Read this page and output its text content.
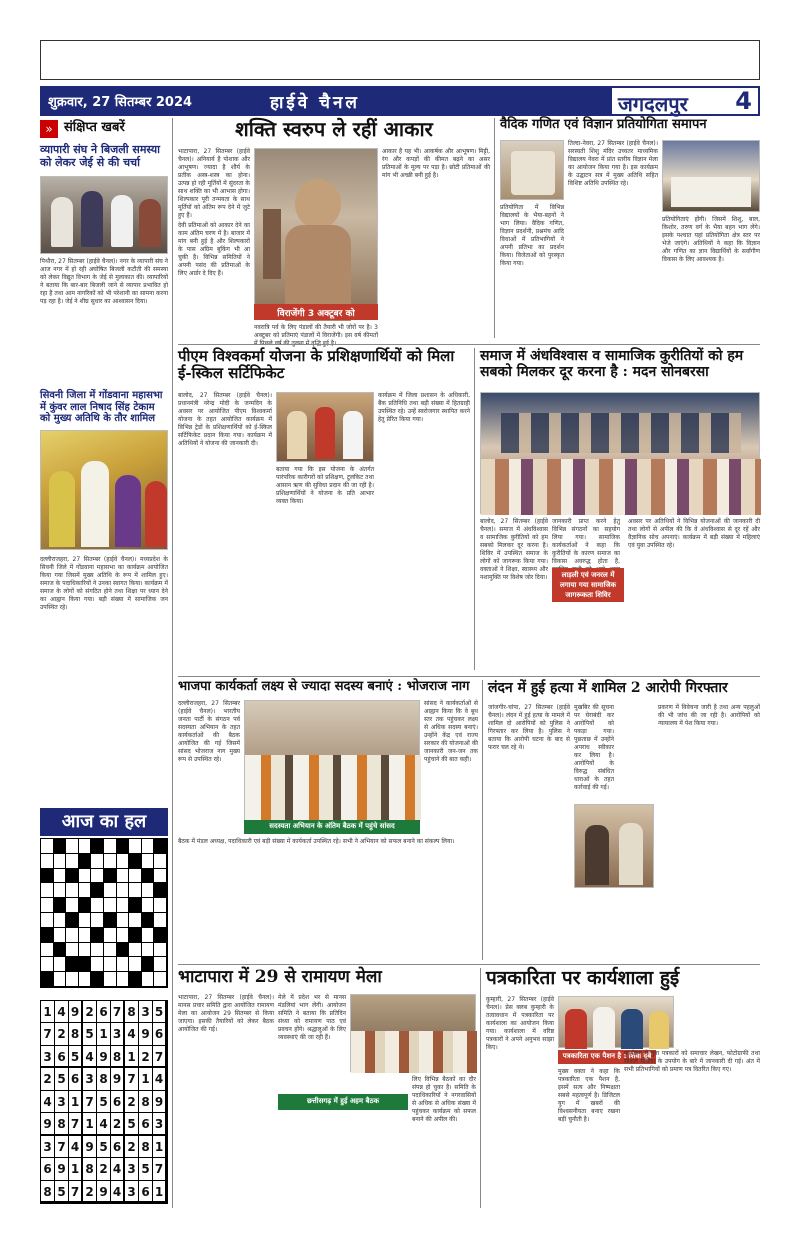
शुक्रवार, 27 सितम्बर 2024	हाईवे चैनल	जगदलपुर 4
» संक्षिप्त खबरें
व्यापारी संघ ने बिजली समस्या को लेकर जेई से की चर्चा
पिथौरा, 27 सितम्बर (हाईवे चैनल)। नगर के व्यापारी संघ ने आज नगर में हो रही अघोषित बिजली कटौती की समस्या को लेकर विद्युत विभाग के जेई से मुलाकात की। व्यापारियों ने बताया कि बार-बार बिजली जाने से व्यापार प्रभावित हो रहा है तथा आम नागरिकों को भी परेशानी का सामना करना पड़ रहा है। जेई ने शीघ्र सुधार का आश्वासन दिया।
सिवनी जिला में गोंडवाना महासभा में कुंवर लाल निषाद सिंह टेकाम को मुख्य अतिथि के तौर शामिल
दल्लीराजहरा, 27 सितम्बर (हाईवे चैनल)। मध्यप्रदेश के सिवनी जिले में गोंडवाना महासभा का कार्यक्रम आयोजित किया गया जिसमें मुख्य अतिथि के रूप में शामिल हुए। समाज के पदाधिकारियों ने उनका स्वागत किया। कार्यक्रम में समाज के लोगों को संगठित होने तथा शिक्षा पर ध्यान देने का आह्वान किया गया। बड़ी संख्या में सामाजिक जन उपस्थित रहे।
आज का हल
1 4 9 2 6 7 8 3 5
7 2 8 5 1 3 4 9 6
3 6 5 4 9 8 1 2 7
2 5 6 3 8 9 7 1 4
4 3 1 7 5 6 2 8 9
9 8 7 1 4 2 5 6 3
3 7 4 9 5 6 2 8 1
6 9 1 8 2 4 3 5 7
8 5 7 2 9 4 3 6 1
शक्ति स्वरुप ले रहीं आकार

भाटापारा, 27 सितम्बर (हाईवे चैनल)। अनियार्य है पोशाक और आभूषण। ज्यादा है शौर्य के प्रतीक अस्त्र-शस्त्र का होना। उत्पन्न हो रही मूर्तियों में सुंदरता के साथ शक्ति का भी आभास होगा। शिल्पकार पूरी तन्मयता के साथ मूर्तियों को अंतिम रूप देने में जुटे हुए हैं।

देवी प्रतिमाओं को आकार देने का काम अंतिम चरण में है। बाजार में मांग बनी हुई है और शिल्पकारों के पास अग्रिम बुकिंग भी आ चुकी है। विभिन्न समितियों ने अपनी पसंद की प्रतिमाओं के लिए आर्डर दे दिए हैं।

विराजेंगी 3 अक्टूबर को
नवरात्रि पर्व के लिए पंडालों की तैयारी भी जोरों पर है। 3 अक्टूबर को प्रतिमाएं पंडालों में विराजेंगी। इस वर्ष कीमतों
आकार है यह भी। आकर्षक और आभूषण। मिट्टी, रंग और कपड़ों की कीमत बढ़ने का असर प्रतिमाओं के मूल्य पर पड़ा है। छोटी प्रतिमाओं की मांग भी अच्छी बनी हुई है।
वैदिक गणित एवं विज्ञान प्रतियोगिता समापन
तिल्दा-नेवरा, 27 सितम्बर (हाईवे चैनल)। सरस्वती शिशु मंदिर उच्चतर माध्यमिक विद्यालय नेवरा में प्रांत स्तरीय विज्ञान मेला का आयोजन किया गया है। इस कार्यक्रम के उद्घाटन सत्र में मुख्य अतिथि सहित विशिष्ट अतिथि उपस्थित रहे।
प्रतियोगिता में विभिन्न विद्यालयों के भैया-बहनों ने भाग लिया। वैदिक गणित, विज्ञान प्रदर्शनी, प्रश्नमंच आदि विधाओं में प्रतिभागियों ने अपनी प्रतिभा का प्रदर्शन किया। विजेताओं को पुरस्कृत किया गया।
प्रतियोगिताएं होंगी। जिसमें शिशु, बाल, किशोर, तरुण वर्ग के भैया बहन भाग लेंगे। इसके पश्चात यहां प्रतियोगिता क्षेत्र स्तर पर भेजे जाएंगे। अतिथियों ने कहा कि विज्ञान और गणित का ज्ञान विद्यार्थियों के सर्वांगीण विकास के लिए आवश्यक है।
पीएम विश्वकर्मा योजना के प्रशिक्षणार्थियों को मिला ई-स्किल सर्टिफिकेट
बालोद, 27 सितम्बर (हाईवे चैनल)। प्रधानमंत्री नरेन्द्र मोदी के जन्मदिन के अवसर पर आयोजित पीएम विश्वकर्मा योजना के तहत आयोजित कार्यक्रम में विभिन्न ट्रेडों के प्रशिक्षणार्थियों को ई-स्किल सर्टिफिकेट प्रदान किया गया। कार्यक्रम में अतिथियों ने योजना की जानकारी दी।
बताया गया कि इस योजना के अंतर्गत पारंपरिक कारीगरों को प्रशिक्षण, टूलकिट तथा आसान ऋण की सुविधा प्रदान की जा रही है। प्रशिक्षणार्थियों ने योजना के प्रति आभार व्यक्त किया।
कार्यक्रम में जिला प्रशासन के अधिकारी, बैंक प्रतिनिधि तथा बड़ी संख्या में हितग्राही उपस्थित रहे। उन्हें स्वरोजगार स्थापित करने हेतु प्रेरित किया गया।
समाज में अंधविश्वास व सामाजिक कुरीतियों को हम सबको मिलकर दूर करना है : मदन सोनबरसा
बालोद, 27 सितम्बर (हाईवे चैनल)। समाज में अंधविश्वास व सामाजिक कुरीतियों को हम सबको मिलकर दूर करना है। शिविर में उपस्थित समाज के लोगों को जागरूक किया गया। वक्ताओं ने शिक्षा, स्वास्थ्य और नशामुक्ति पर विशेष जोर दिया।
जानकारी प्राप्त करने हेतु विभिन्न संगठनों का सहयोग लिया गया। सामाजिक कार्यकर्ताओं ने कहा कि कुरीतियों के कारण समाज का विकास अवरुद्ध होता है,
लाड़ली एवं जनरल में लगाया गया सामाजिक जागरूकता शिविर
अवसर पर अतिथियों ने विभिन्न योजनाओं की जानकारी दी तथा लोगों से अपील की कि वे अंधविश्वास से दूर रहें और वैज्ञानिक सोच अपनाएं। कार्यक्रम में बड़ी संख्या में महिलाएं एवं युवा उपस्थित रहे।
भाजपा कार्यकर्ता लक्ष्य से ज्यादा सदस्य बनाएं : भोजराज नाग
दल्लीराजहरा, 27 सितम्बर (हाईवे चैनल)। भारतीय जनता पार्टी के संगठन पर्व सदस्यता अभियान के तहत कार्यकर्ताओं की बैठक आयोजित की गई जिसमें सांसद भोजराज नाग मुख्य रूप से उपस्थित रहे।
सदस्यता अभियान के अंतिम बैठक में पहुंचे सांसद
सांसद ने कार्यकर्ताओं से आह्वान किया कि वे बूथ स्तर तक पहुंचकर लक्ष्य से अधिक सदस्य बनाएं। उन्होंने केंद्र एवं राज्य सरकार की योजनाओं की जानकारी जन-जन तक पहुंचाने की बात कही।
बैठक में मंडल अध्यक्ष, पदाधिकारी एवं बड़ी संख्या में कार्यकर्ता उपस्थित रहे। सभी ने अभियान को सफल बनाने का संकल्प लिया।
लंदन में हुई हत्या में शामिल 2 आरोपी गिरफ्तार
जांजगीर-चांपा, 27 सितम्बर (हाईवे चैनल)। लंदन में हुई हत्या के मामले में शामिल दो आरोपियों को पुलिस ने गिरफ्तार कर लिया है। पुलिस ने बताया कि आरोपी घटना के बाद से फरार चल रहे थे।
मुखबिर की सूचना पर घेराबंदी कर आरोपियों को पकड़ा गया। पूछताछ में उन्होंने अपराध स्वीकार कर लिया है। आरोपियों के विरुद्ध संबंधित धाराओं के तहत कार्रवाई की गई।
प्रकरण में विवेचना जारी है तथा अन्य पहलुओं की भी जांच की जा रही है। आरोपियों को न्यायालय में पेश किया गया।
भाटापारा में 29 से रामायण मेला
भाटापारा, 27 सितम्बर (हाईवे चैनल)। मानस प्रचार समिति द्वारा आयोजित रामायण मेला का आयोजन 29 सितम्बर से किया जाएगा। इसकी तैयारियों को लेकर बैठक आयोजित की गई।
मेले में प्रदेश भर से मानस मंडलियां भाग लेंगी। आयोजन समिति ने बताया कि प्रतिदिन संध्या को रामायण पाठ एवं प्रवचन होंगे। श्रद्धालुओं के लिए व्यवस्थाएं की जा रही हैं।
छत्तीसगढ़ में हुई अहम बैठक
लिए विभिन्न बैठकों का दौर संपन्न हो चुका है। समिति के पदाधिकारियों ने नगरवासियों से अधिक से अधिक संख्या में पहुंचकर कार्यक्रम को सफल बनाने की अपील की।
पत्रकारिता पर कार्यशाला हुई
कुम्हारी, 27 सितम्बर (हाईवे चैनल)। प्रेस क्लब कुम्हारी के तत्वावधान में पत्रकारिता पर कार्यशाला का आयोजन किया गया। कार्यशाला में वरिष्ठ पत्रकारों ने अपने अनुभव साझा किए।
पत्रकारिता एक पैशन है : शिवा दुबे
मुख्य वक्ता ने कहा कि पत्रकारिता एक पैशन है, इसमें सत्य और निष्पक्षता सबसे महत्वपूर्ण है। डिजिटल युग में खबरों की विश्वसनीयता बनाए रखना बड़ी चुनौती है।
कार्यक्रम में युवा पत्रकारों को समाचार लेखन, फोटोग्राफी तथा सोशल मीडिया के उपयोग के बारे में जानकारी दी गई। अंत में सभी प्रतिभागियों को प्रमाण पत्र वितरित किए गए।
